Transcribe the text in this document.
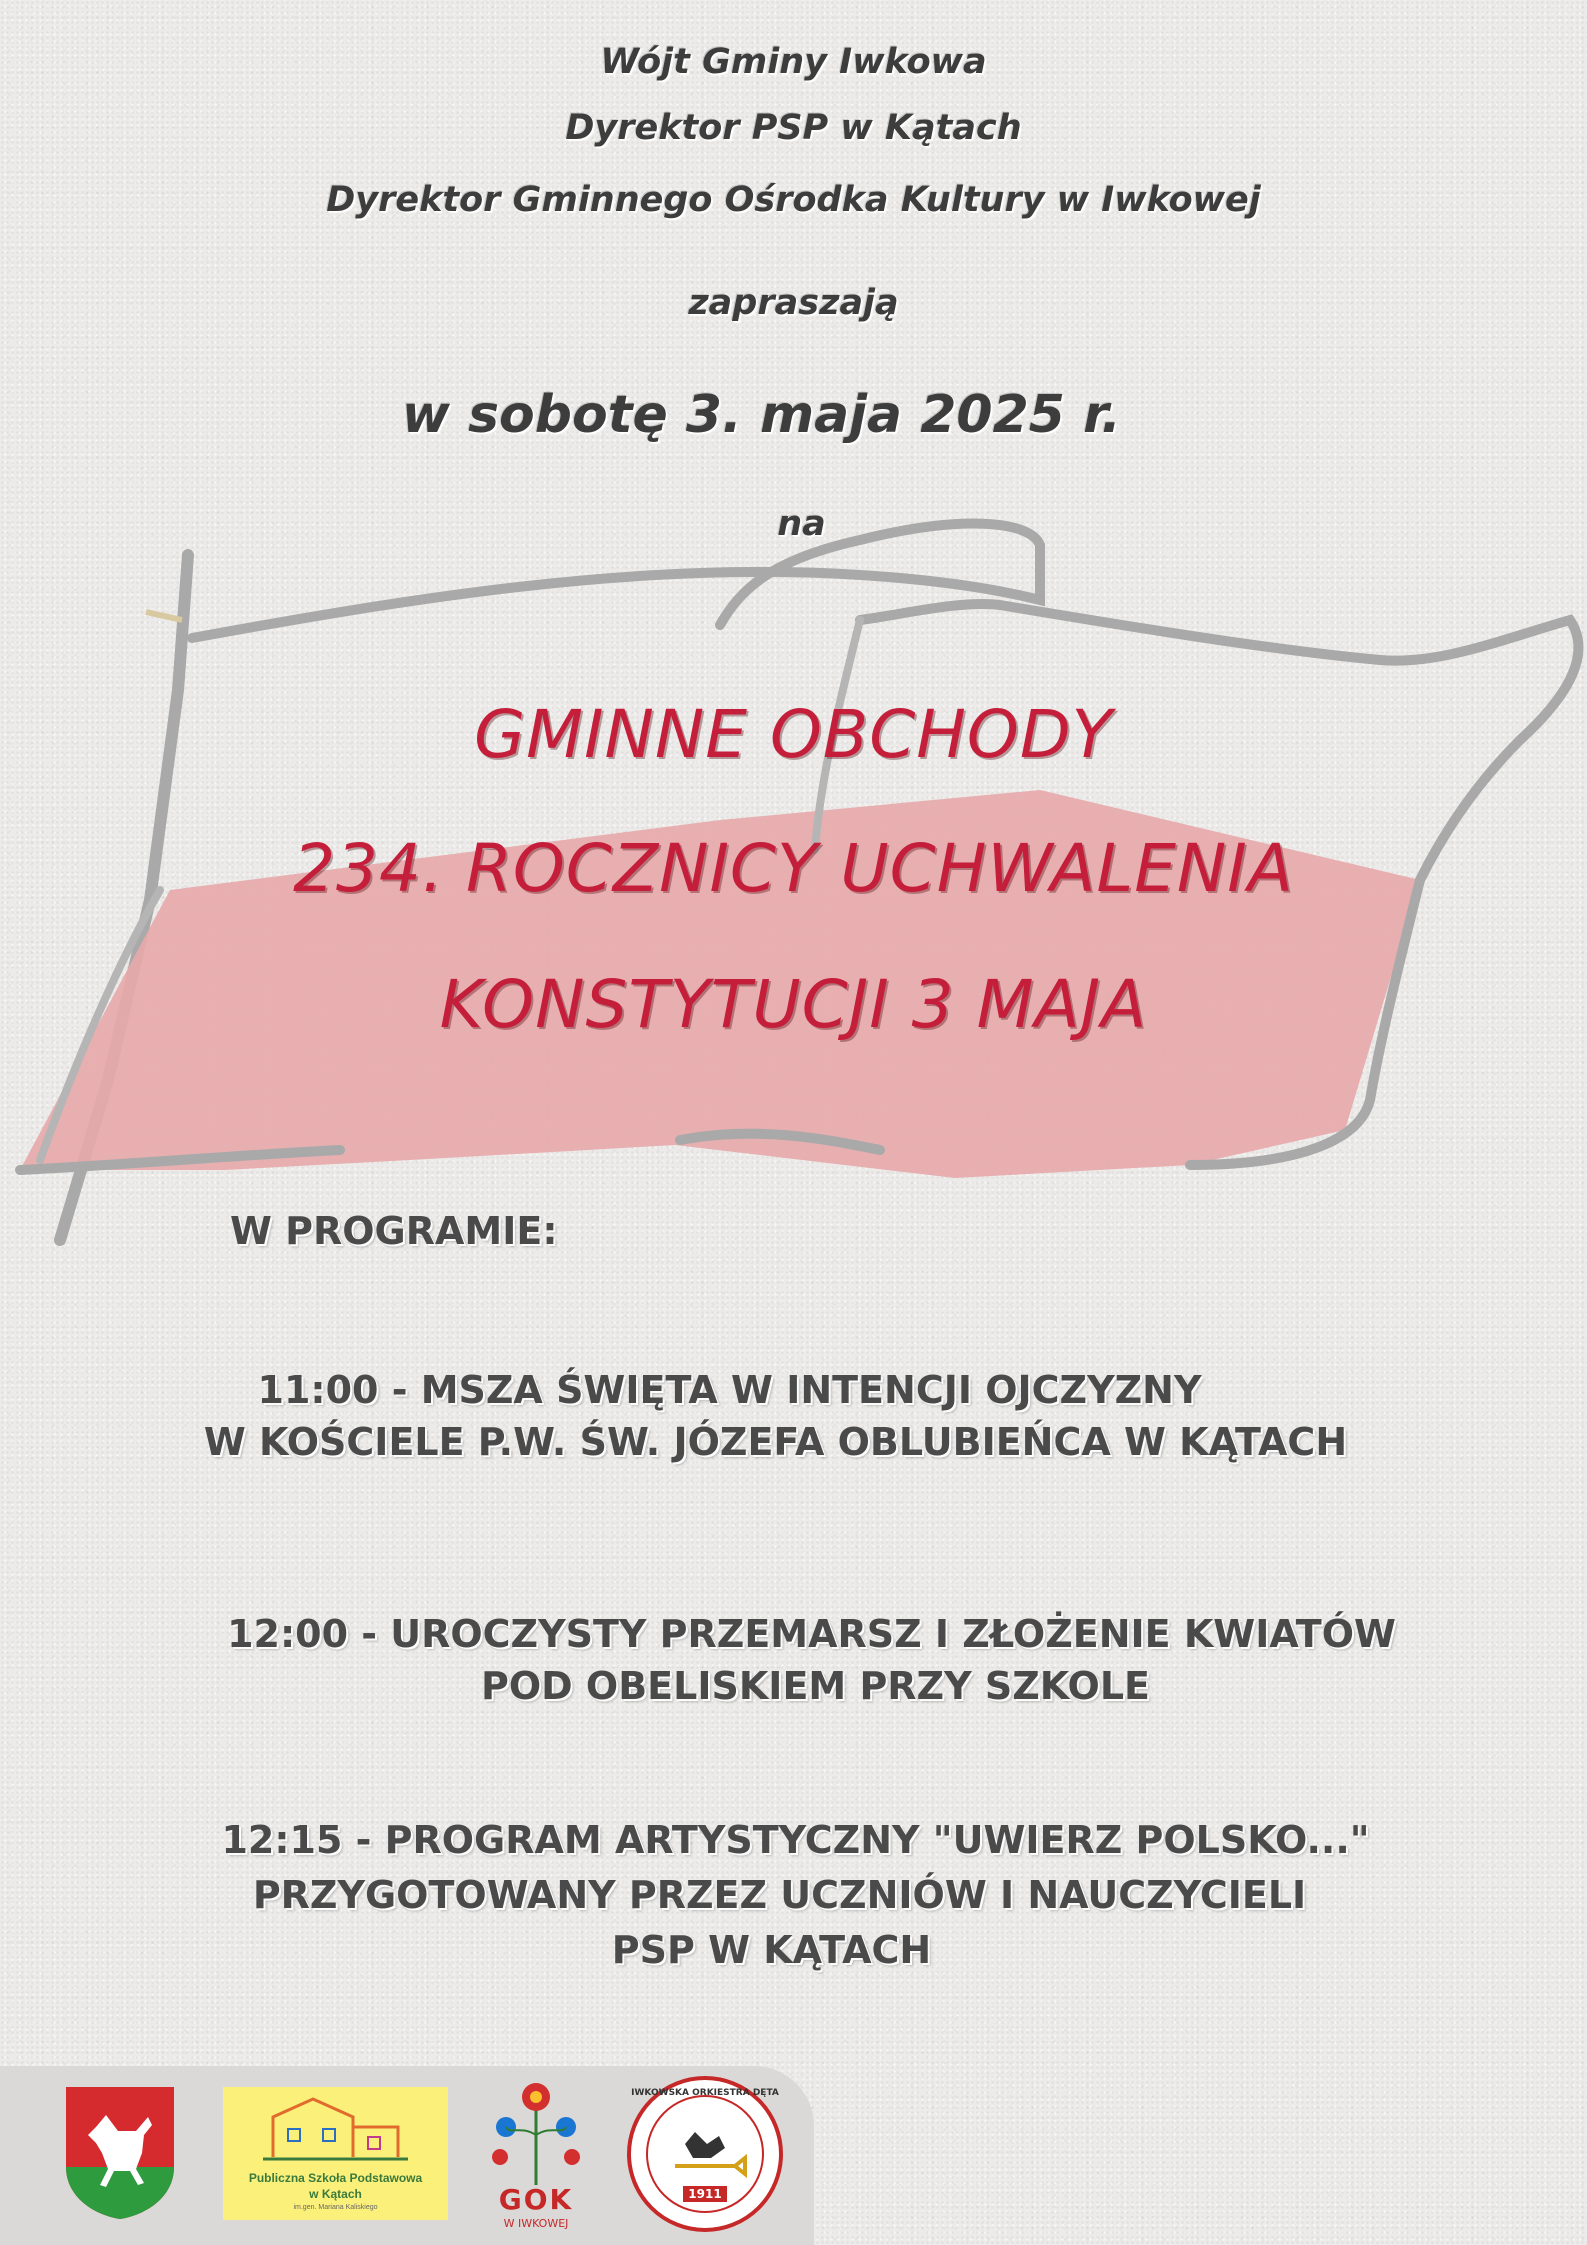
Wójt Gminy Iwkowa
Dyrektor PSP w Kątach
Dyrektor Gminnego Ośrodka Kultury w Iwkowej
zapraszają
w sobotę 3. maja 2025 r.
na
GMINNE OBCHODY
234. ROCZNICY UCHWALENIA
KONSTYTUCJI 3 MAJA
W PROGRAMIE:
11:00 - MSZA ŚWIĘTA W INTENCJI OJCZYZNY
W KOŚCIELE P.W. ŚW. JÓZEFA OBLUBIEŃCA W KĄTACH
12:00 - UROCZYSTY PRZEMARSZ I ZŁOŻENIE KWIATÓW
POD OBELISKIEM PRZY SZKOLE
12:15 - PROGRAM ARTYSTYCZNY "UWIERZ POLSKO..."
PRZYGOTOWANY PRZEZ UCZNIÓW I NAUCZYCIELI
PSP W KĄTACH
Publiczna Szkoła Podstawowa
w Kątach
im.gen. Mariana Kaliskiego	GOK
W IWKOWEJ
IWKOWSKA ORKIESTRA DĘTA
1911
